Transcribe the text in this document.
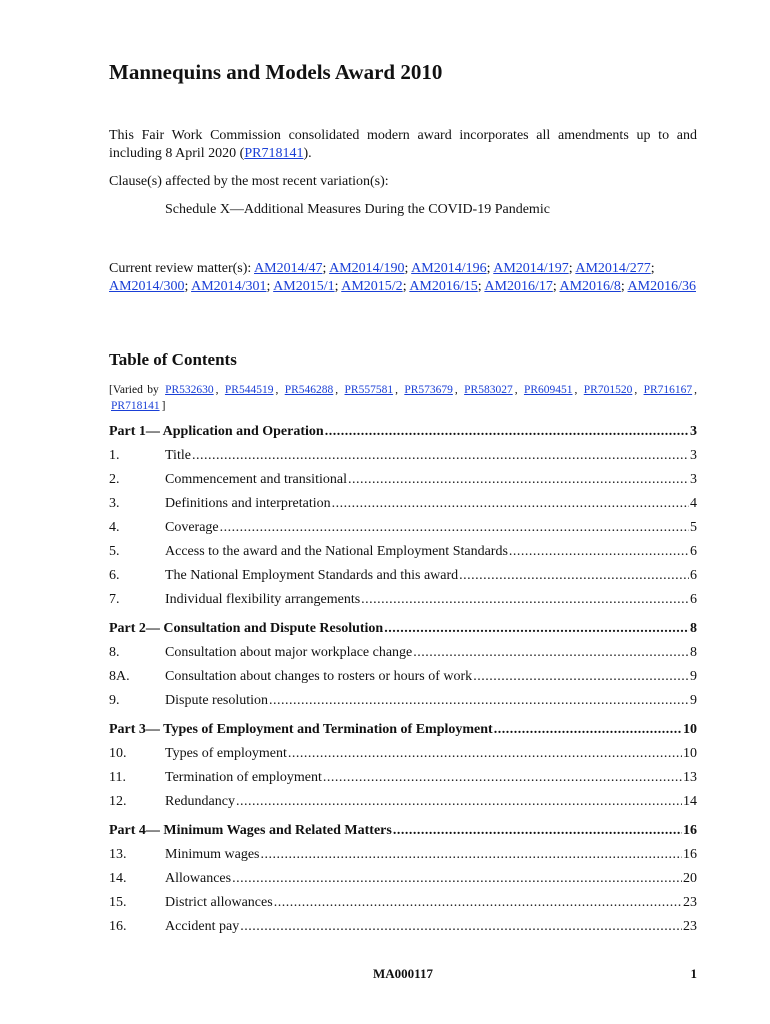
Mannequins and Models Award 2010
This Fair Work Commission consolidated modern award incorporates all amendments up to and including 8 April 2020 (PR718141).
Clause(s) affected by the most recent variation(s):
Schedule X—Additional Measures During the COVID-19 Pandemic
Current review matter(s): AM2014/47; AM2014/190; AM2014/196; AM2014/197; AM2014/277; AM2014/300; AM2014/301; AM2015/1; AM2015/2; AM2016/15; AM2016/17; AM2016/8; AM2016/36
Table of Contents
[Varied by PR532630 , PR544519 , PR546288 , PR557581 , PR573679 , PR583027 , PR609451 , PR701520 , PR716167 , PR718141 ]
Part 1— Application and Operation .....	3
1.	Title .....	3
2.	Commencement and transitional .....	3
3.	Definitions and interpretation .....	4
4.	Coverage .....	5
5.	Access to the award and the National Employment Standards .....	6
6.	The National Employment Standards and this award .....	6
7.	Individual flexibility arrangements .....	6
Part 2— Consultation and Dispute Resolution .....	8
8.	Consultation about major workplace change .....	8
8A.	Consultation about changes to rosters or hours of work .....	9
9.	Dispute resolution .....	9
Part 3— Types of Employment and Termination of Employment .....	10
10.	Types of employment .....	10
11.	Termination of employment .....	13
12.	Redundancy .....	14
Part 4— Minimum Wages and Related Matters .....	16
13.	Minimum wages .....	16
14.	Allowances .....	20
15.	District allowances .....	23
16.	Accident pay .....	23
MA000117	1
